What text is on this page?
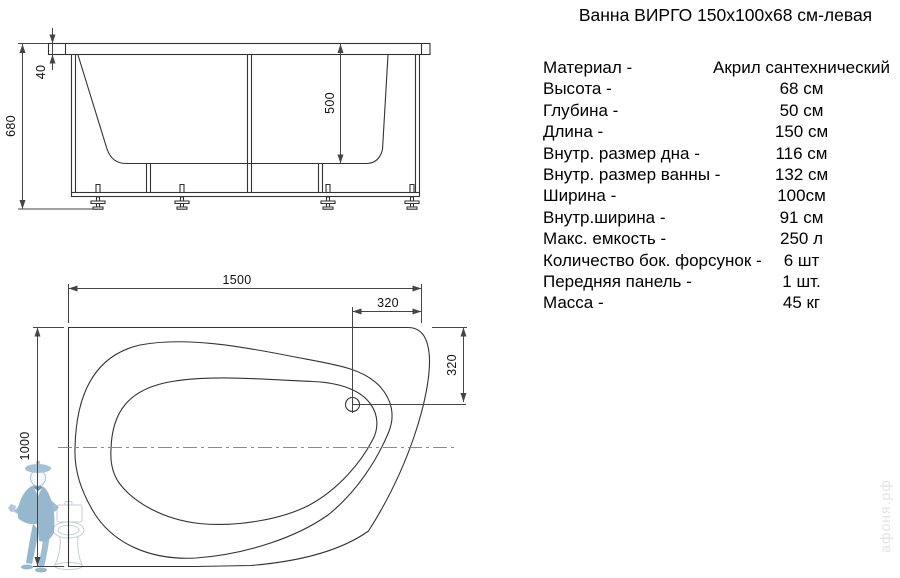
680
40
500
1500
320
320
1000
Ванна ВИРГО 150x100x68 см-левая
Материал -	Акрил сантехнический
Высота -	68 см
Глубина -	50 см
Длина -	150 см
Внутр. размер дна -	116 см
Внутр. размер ванны -	132 см
Ширина -	100см
Внутр.ширина -	91 см
Макс. емкость -	250 л
Количество бок. форсунок -	6 шт
Передняя панель -	1 шт.
Масса -	45 кг
афоня.рф
